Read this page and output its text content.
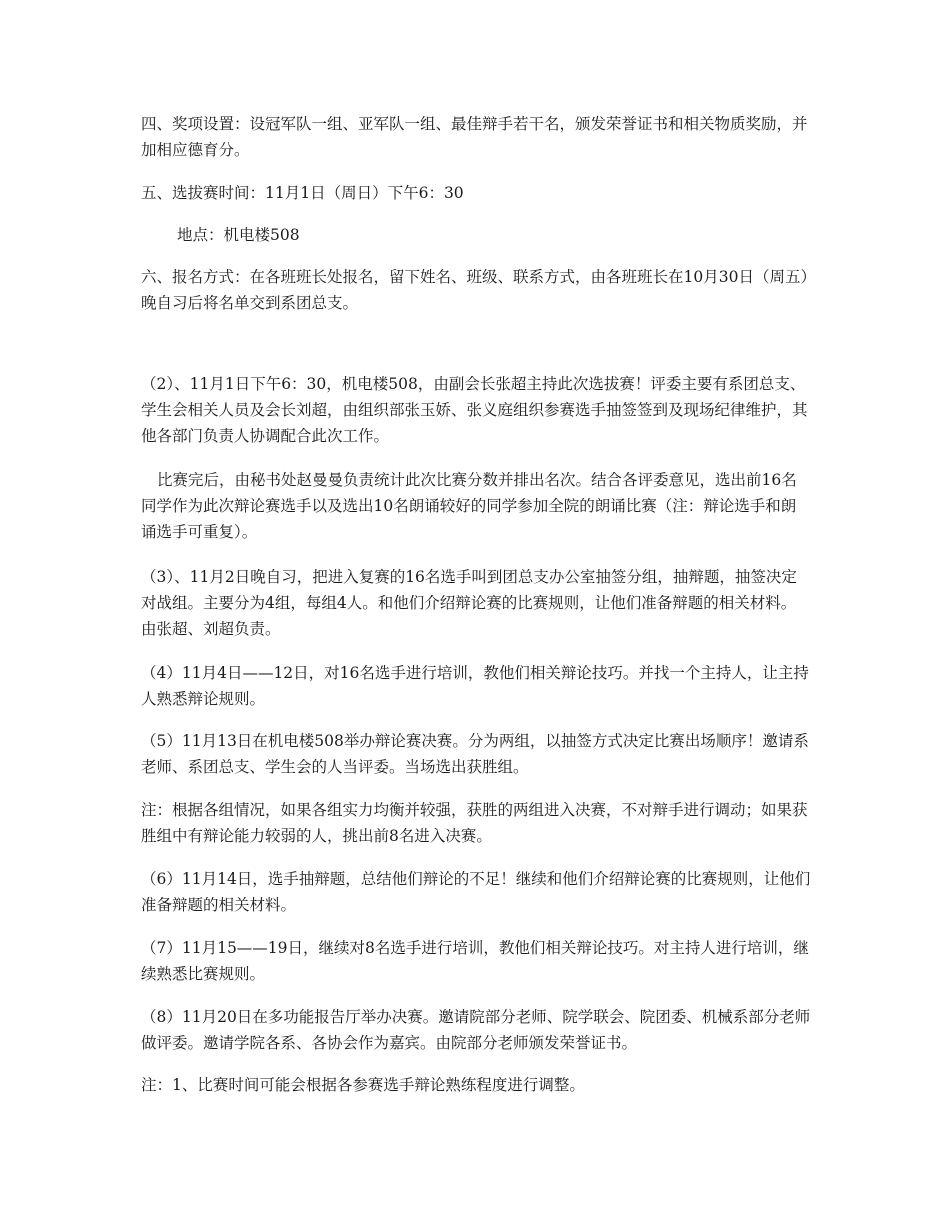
四、奖项设置：设冠军队一组、亚军队一组、最佳辩手若干名，颁发荣誉证书和相关物质奖励，并加相应德育分。

五、选拔赛时间：11月1日（周日）下午6：30

地点：机电楼508

六、报名方式：在各班班长处报名，留下姓名、班级、联系方式，由各班班长在10月30日（周五）晚自习后将名单交到系团总支。

（2）、11月1日下午6：30，机电楼508，由副会长张超主持此次选拔赛！评委主要有系团总支、学生会相关人员及会长刘超，由组织部张玉娇、张义庭组织参赛选手抽签签到及现场纪律维护，其他各部门负责人协调配合此次工作。

比赛完后，由秘书处赵曼曼负责统计此次比赛分数并排出名次。结合各评委意见，选出前16名同学作为此次辩论赛选手以及选出10名朗诵较好的同学参加全院的朗诵比赛（注：辩论选手和朗诵选手可重复）。

（3）、11月2日晚自习，把进入复赛的16名选手叫到团总支办公室抽签分组，抽辩题，抽签决定对战组。主要分为4组，每组4人。和他们介绍辩论赛的比赛规则，让他们准备辩题的相关材料。由张超、刘超负责。

（4）11月4日——12日，对16名选手进行培训，教他们相关辩论技巧。并找一个主持人，让主持人熟悉辩论规则。

（5）11月13日在机电楼508举办辩论赛决赛。分为两组，以抽签方式决定比赛出场顺序！邀请系老师、系团总支、学生会的人当评委。当场选出获胜组。

注：根据各组情况，如果各组实力均衡并较强，获胜的两组进入决赛，不对辩手进行调动；如果获胜组中有辩论能力较弱的人，挑出前8名进入决赛。

（6）11月14日，选手抽辩题，总结他们辩论的不足！继续和他们介绍辩论赛的比赛规则，让他们准备辩题的相关材料。

（7）11月15——19日，继续对8名选手进行培训，教他们相关辩论技巧。对主持人进行培训，继续熟悉比赛规则。

（8）11月20日在多功能报告厅举办决赛。邀请院部分老师、院学联会、院团委、机械系部分老师做评委。邀请学院各系、各协会作为嘉宾。由院部分老师颁发荣誉证书。

注：1、比赛时间可能会根据各参赛选手辩论熟练程度进行调整。
